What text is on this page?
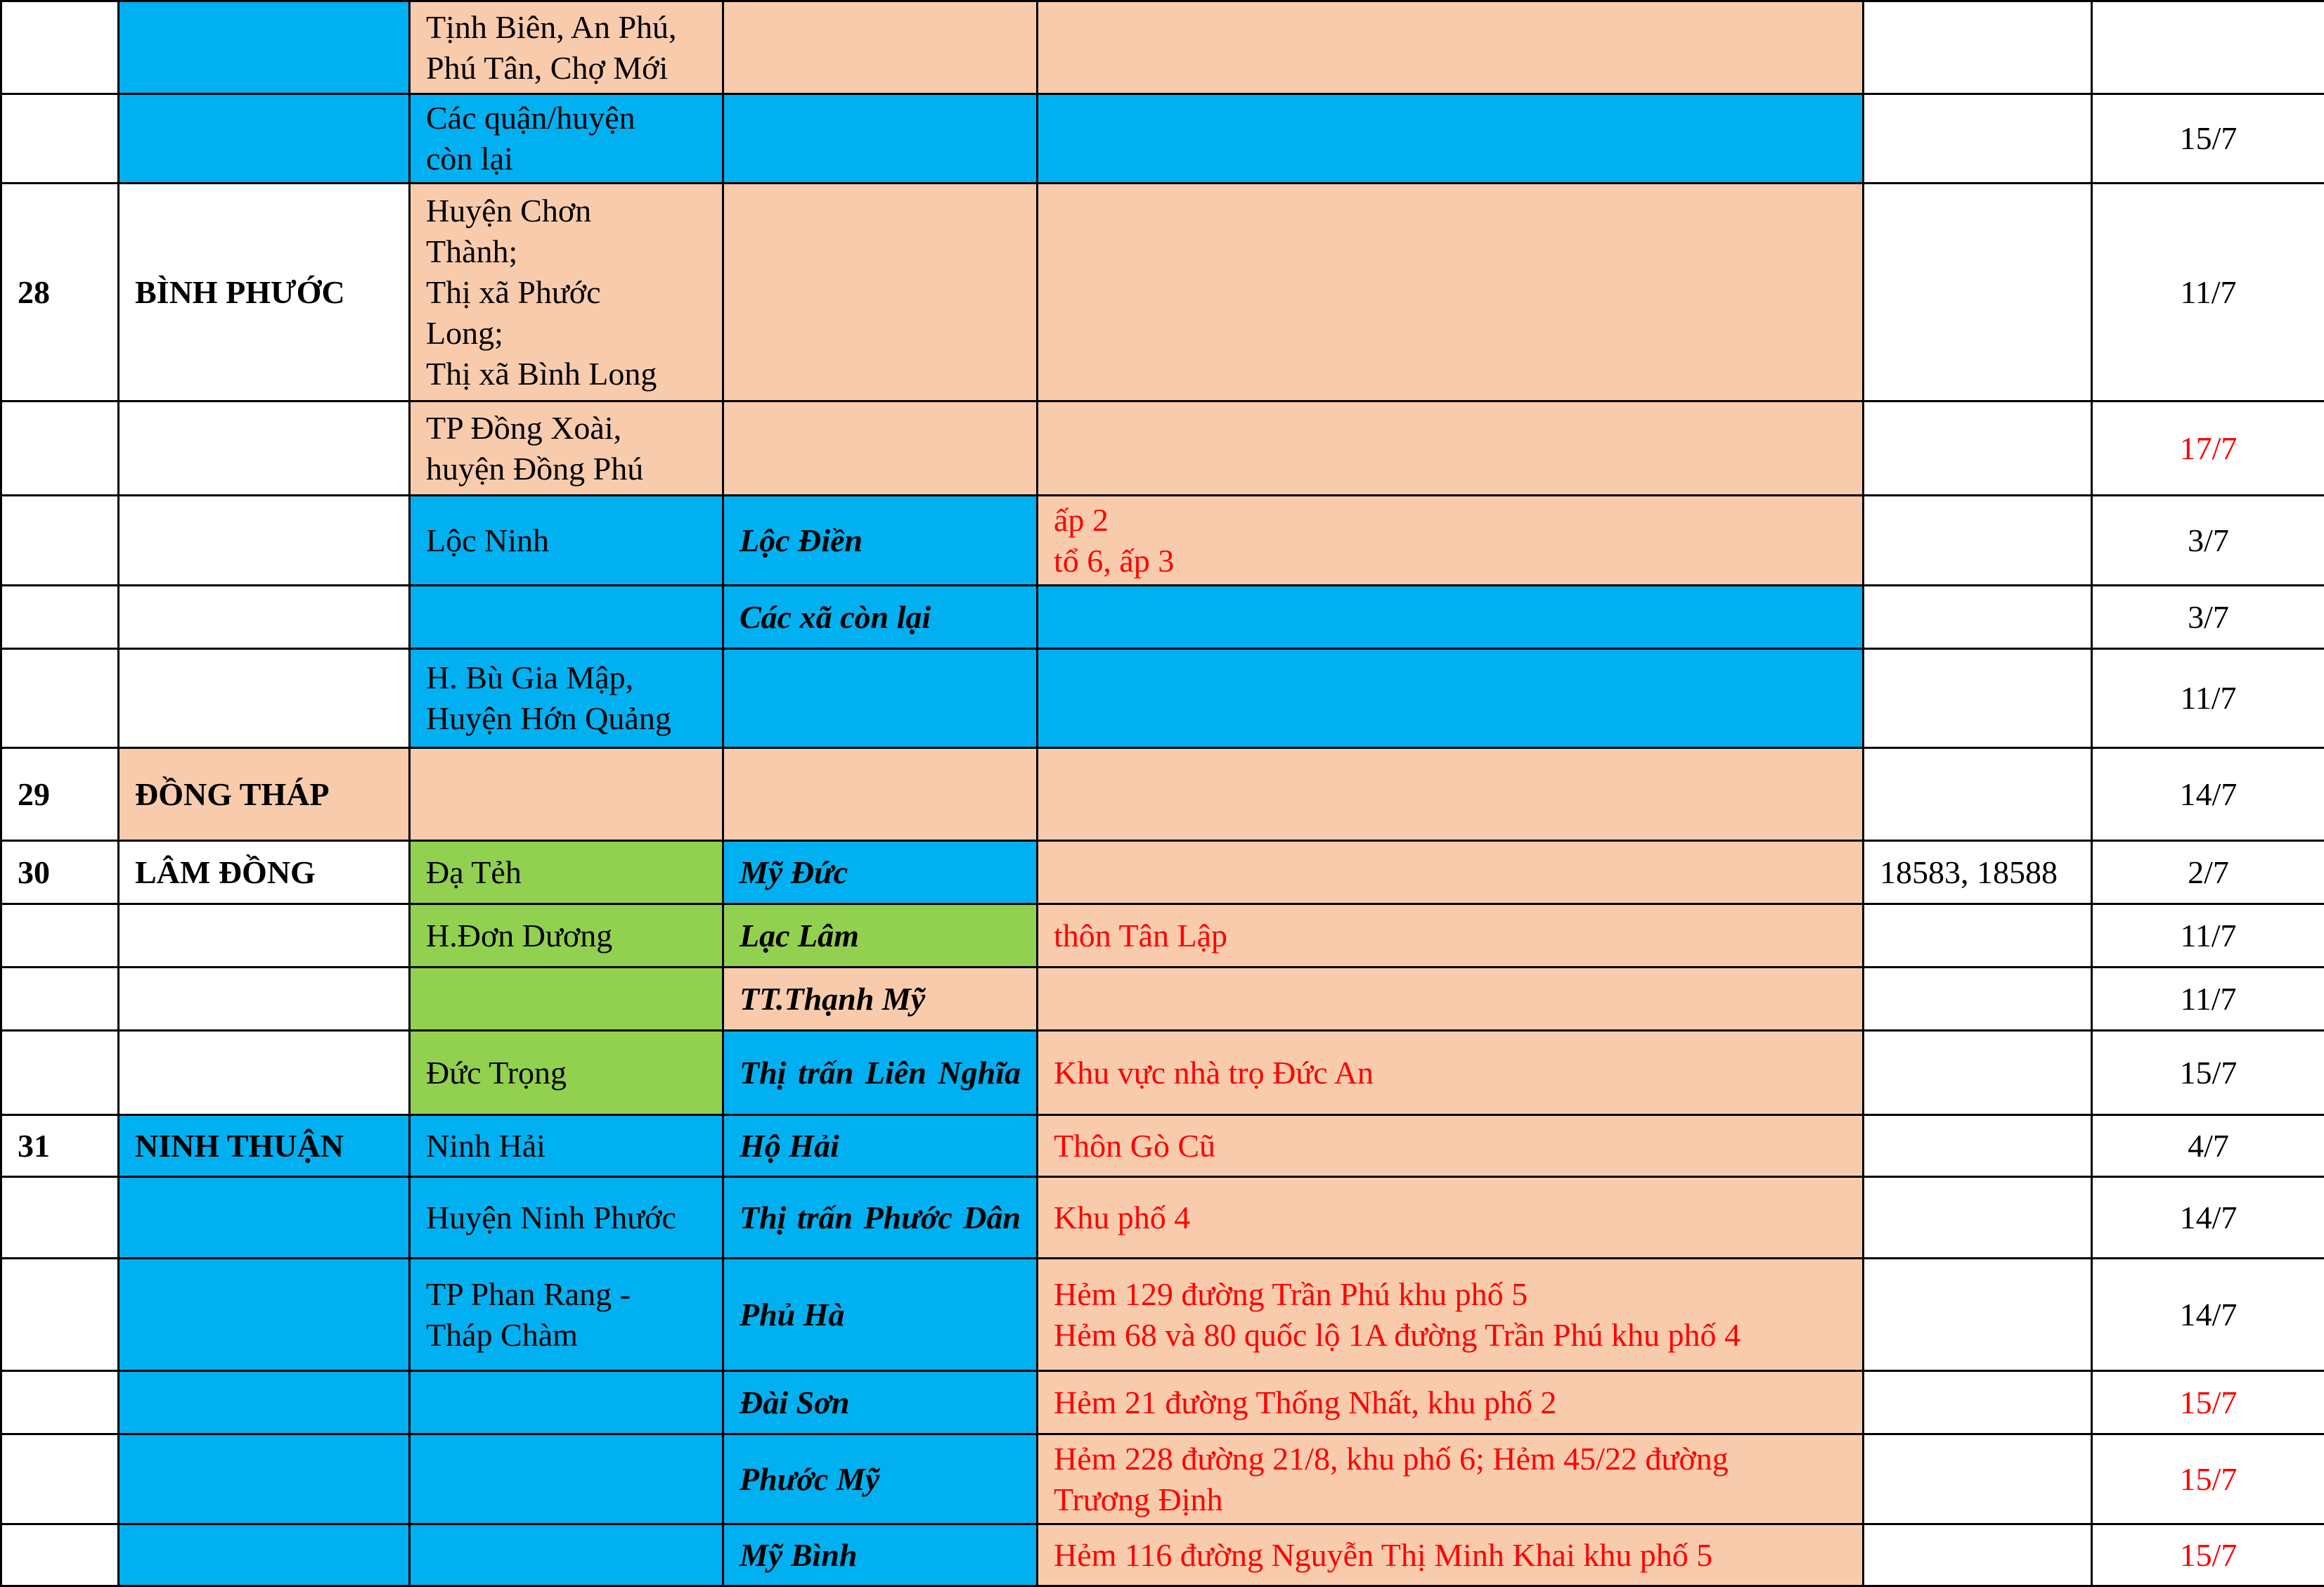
		Tịnh Biên, An Phú,
Phú Tân, Chợ Mới				
		Các quận/huyện
còn lại				15/7
28	BÌNH PHƯỚC	Huyện Chơn
Thành;
Thị xã Phước
Long;
Thị xã Bình Long				11/7
		TP Đồng Xoài,
huyện Đồng Phú				17/7
		Lộc Ninh	Lộc Điền	ấp 2
tổ 6, ấp 3		3/7
			Các xã còn lại			3/7
		H. Bù Gia Mập,
Huyện Hớn Quảng				11/7
29	ĐỒNG THÁP					14/7
30	LÂM ĐỒNG	Đạ Tẻh	Mỹ Đức		18583, 18588	2/7
		H.Đơn Dương	Lạc Lâm	thôn Tân Lập		11/7
			TT.Thạnh Mỹ			11/7
		Đức Trọng	Thị trấn Liên Nghĩa	Khu vực nhà trọ Đức An		15/7
31	NINH THUẬN	Ninh Hải	Hộ Hải	Thôn Gò Cũ		4/7
		Huyện Ninh Phước	Thị trấn Phước Dân	Khu phố 4		14/7
		TP Phan Rang -
Tháp Chàm	Phủ Hà	Hẻm 129 đường Trần Phú khu phố 5
Hẻm 68 và 80 quốc lộ 1A đường Trần Phú khu phố 4		14/7
			Đài Sơn	Hẻm 21 đường Thống Nhất, khu phố 2		15/7
			Phước Mỹ	Hẻm 228 đường 21/8, khu phố 6; Hẻm 45/22 đường
Trương Định		15/7
			Mỹ Bình	Hẻm 116 đường Nguyễn Thị Minh Khai khu phố 5		15/7
